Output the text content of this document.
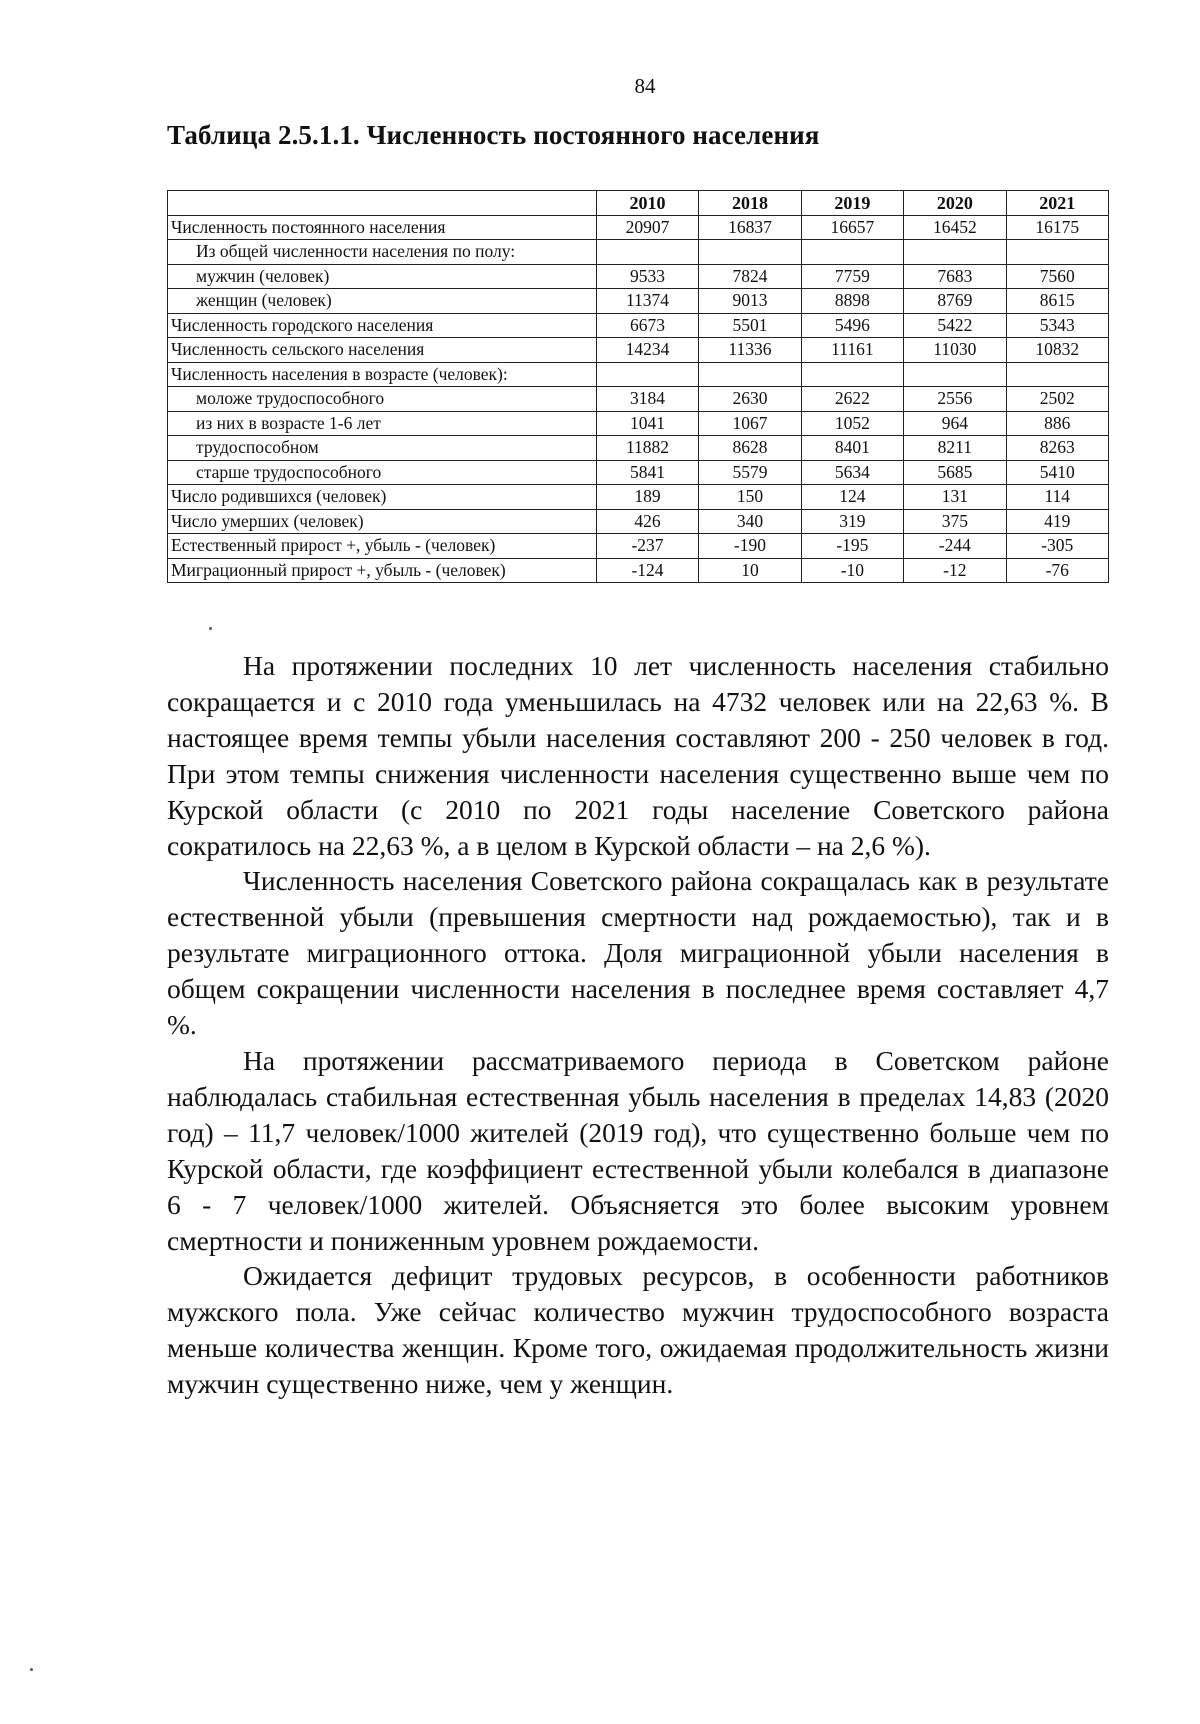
84
Таблица 2.5.1.1. Численность постоянного населения
	2010	2018	2019	2020	2021
Численность постоянного населения	20907	16837	16657	16452	16175
Из общей численности населения по полу:					
мужчин (человек)	9533	7824	7759	7683	7560
женщин (человек)	11374	9013	8898	8769	8615
Численность городского населения	6673	5501	5496	5422	5343
Численность сельского населения	14234	11336	11161	11030	10832
Численность населения в возрасте (человек):					
моложе трудоспособного	3184	2630	2622	2556	2502
из них в возрасте 1-6 лет	1041	1067	1052	964	886
трудоспособном	11882	8628	8401	8211	8263
старше трудоспособного	5841	5579	5634	5685	5410
Число родившихся (человек)	189	150	124	131	114
Число умерших (человек)	426	340	319	375	419
Естественный прирост +, убыль - (человек)	-237	-190	-195	-244	-305
Миграционный прирост +, убыль - (человек)	-124	10	-10	-12	-76

На протяжении последних 10 лет численность населения стабильно сокращается и с 2010 года уменьшилась на 4732 человек или на 22,63 %. В настоящее время темпы убыли населения составляют 200 - 250 человек в год. При этом темпы снижения численности населения существенно выше чем по Курской области (с 2010 по 2021 годы население Советского района сократилось на 22,63 %, а в целом в Курской области – на 2,6 %).

Численность населения Советского района сокращалась как в результате естественной убыли (превышения смертности над рождаемостью), так и в результате миграционного оттока. Доля миграционной убыли населения в общем сокращении численности населения в последнее время составляет 4,7 %.

На протяжении рассматриваемого периода в Советском районе наблюдалась стабильная естественная убыль населения в пределах 14,83 (2020 год) – 11,7 человек/1000 жителей (2019 год), что существенно больше чем по Курской области, где коэффициент естественной убыли колебался в диапазоне 6 - 7 человек/1000 жителей. Объясняется это более высоким уровнем смертности и пониженным уровнем рождаемости.

Ожидается дефицит трудовых ресурсов, в особенности работников мужского пола. Уже сейчас количество мужчин трудоспособного возраста меньше количества женщин. Кроме того, ожидаемая продолжительность жизни мужчин существенно ниже, чем у женщин.
